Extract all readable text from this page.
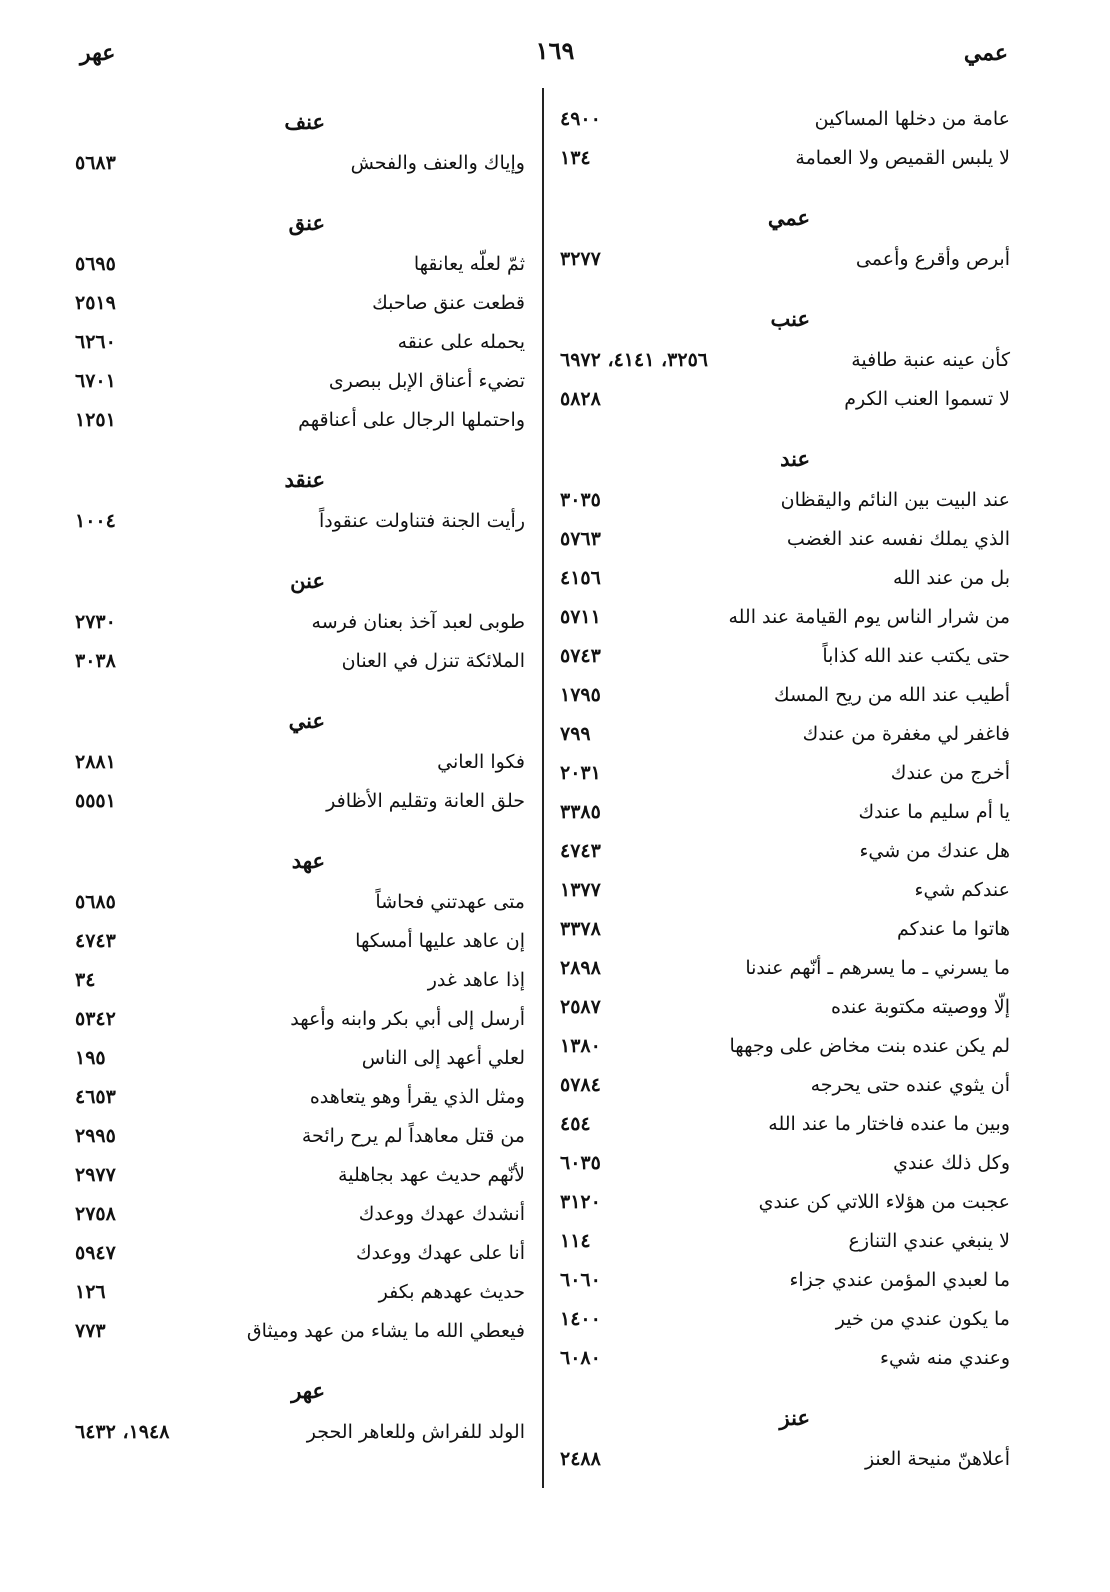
عمي
١٦٩
عهر
عامة من دخلها المساكين
٤٩٠٠
لا يلبس القميص ولا العمامة
١٣٤
عمي
أبرص وأقرع وأعمى
٣٢٧٧
عنب
كأن عينه عنبة طافية
٣٢٥٦، ٤١٤١، ٦٩٧٢
لا تسموا العنب الكرم
٥٨٢٨
عند
عند البيت بين النائم واليقظان
٣٠٣٥
الذي يملك نفسه عند الغضب
٥٧٦٣
بل من عند الله
٤١٥٦
من شرار الناس يوم القيامة عند الله
٥٧١١
حتى يكتب عند الله كذاباً
٥٧٤٣
أطيب عند الله من ريح المسك
١٧٩٥
فاغفر لي مغفرة من عندك
٧٩٩
أخرج من عندك
٢٠٣١
يا أم سليم ما عندك
٣٣٨٥
هل عندك من شيء
٤٧٤٣
عندكم شيء
١٣٧٧
هاتوا ما عندكم
٣٣٧٨
ما يسرني ـ ما يسرهم ـ أنّهم عندنا
٢٨٩٨
إلّا ووصيته مكتوبة عنده
٢٥٨٧
لم يكن عنده بنت مخاض على وجهها
١٣٨٠
أن يثوي عنده حتى يحرجه
٥٧٨٤
وبين ما عنده فاختار ما عند الله
٤٥٤
وكل ذلك عندي
٦٠٣٥
عجبت من هؤلاء اللاتي كن عندي
٣١٢٠
لا ينبغي عندي التنازع
١١٤
ما لعبدي المؤمن عندي جزاء
٦٠٦٠
ما يكون عندي من خير
١٤٠٠
وعندي منه شيء
٦٠٨٠
عنز
أعلاهنّ منيحة العنز
٢٤٨٨
عنف
وإياك والعنف والفحش
٥٦٨٣
عنق
ثمّ لعلّه يعانقها
٥٦٩٥
قطعت عنق صاحبك
٢٥١٩
يحمله على عنقه
٦٢٦٠
تضيء أعناق الإبل ببصرى
٦٧٠١
واحتملها الرجال على أعناقهم
١٢٥١
عنقد
رأيت الجنة فتناولت عنقوداً
١٠٠٤
عنن
طوبى لعبد آخذ بعنان فرسه
٢٧٣٠
الملائكة تنزل في العنان
٣٠٣٨
عني
فكوا العاني
٢٨٨١
حلق العانة وتقليم الأظافر
٥٥٥١
عهد
متى عهدتني فحاشاً
٥٦٨٥
إن عاهد عليها أمسكها
٤٧٤٣
إذا عاهد غدر
٣٤
أرسل إلى أبي بكر وابنه وأعهد
٥٣٤٢
لعلي أعهد إلى الناس
١٩٥
ومثل الذي يقرأ وهو يتعاهده
٤٦٥٣
من قتل معاهداً لم يرح رائحة
٢٩٩٥
لأنّهم حديث عهد بجاهلية
٢٩٧٧
أنشدك عهدك ووعدك
٢٧٥٨
أنا على عهدك ووعدك
٥٩٤٧
حديث عهدهم بكفر
١٢٦
فيعطي الله ما يشاء من عهد وميثاق
٧٧٣
عهر
الولد للفراش وللعاهر الحجر
١٩٤٨، ٦٤٣٢
